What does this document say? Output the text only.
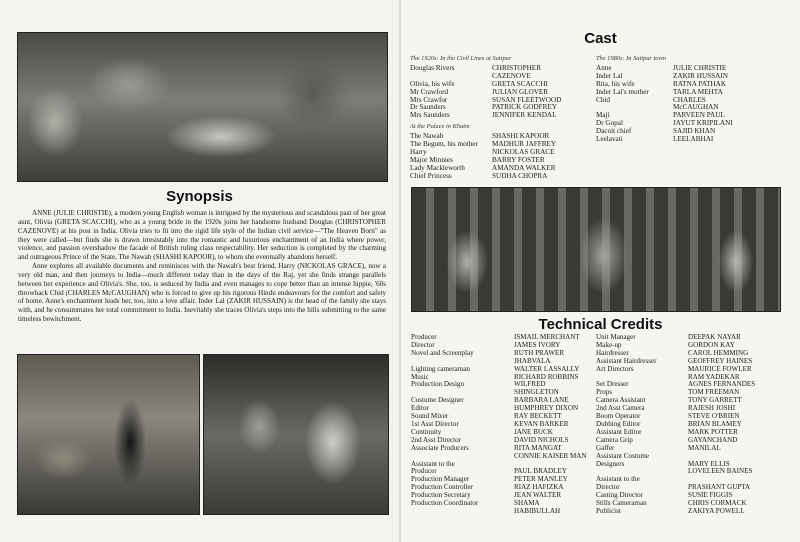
Synopsis

ANNE (JULIE CHRISTIE), a modern young English woman is intrigued by the mysterious and scandalous past of her great aunt, Olivia (GRETA SCACCHI), who as a young bride in the 1920s joins her handsome husband Douglas (CHRISTOPHER CAZENOVE) at his post in India. Olivia tries to fit into the rigid life style of the Indian civil service—"The Heaven Born" as they were called—but finds she is drawn irresistably into the romantic and luxurious enchantment of an India where power, violence, and passion overshadow the facade of British ruling class respectability. Her seduction is completed by the charming and outrageous Prince of the State, The Nawab (SHASHI KAPOOR), to whom she eventually abandons herself.

Anne explores all available documents and reminisces with the Nawab's best friend, Harry (NICKOLAS GRACE), now a very old man, and then journeys to India—much different today than in the days of the Raj, yet she finds strange parallels between her experience and Olivia's. She, too, is seduced by India and even manages to cope better than an intense hippie, '60s throwback Chid (CHARLES McCAUGHAN) who is forced to give up his rigorous Hindu endeavours for the comfort and safety of home. Anne's enchantment leads her, too, into a love affair. Inder Lal (ZAKIR HUSSAIN) is the head of the family she stays with, and he consummates her total commitment to India. Inevitably she traces Olivia's steps into the hills submitting to the same timeless bewitchment.

Cast
The 1920s: In the Civil Lines at Satipur
Douglas Rivers	CHRISTOPHER
CAZENOVE
Olivia, his wife	GRETA SCACCHI
Mr Crawford	JULIAN GLOVER
Mrs Crawfor	SUSAN FLEETWOOD
Dr Saunders	PATRICK GODFREY
Mrs Saunders	JENNIFER KENDAL
At the Palace in Khatm
The Nawab	SHASHI KAPOOR
The Begum, his mother	MADHUR JAFFREY
Harry	NICKOLAS GRACE
Major Minnies	BARRY FOSTER
Lady Mackleworth	AMANDA WALKER
Chief Princess	SUDHA CHOPRA
The 1980s: In Satipur town
Anne	JULIE CHRISTIE
Inder Lal	ZAKIR HUSSAIN
Rita, his wife	RATNA PATHAK
Inder Lal's mother	TARLA MEHTA
Chid	CHARLES
McCAUGHAN
Maji	PARVEEN PAUL
Dr Gopal	JAYUT KRIPILANI
Dacoit chief	SAJID KHAN
Leelavati	LEELABHAI
Technical Credits
Producer	ISMAIL MERCHANT
Director	JAMES IVORY
Novel and Screenplay	RUTH PRAWER
JHABVALA
Lighting cameraman	WALTER LASSALLY
Music	RICHARD ROBBINS
Production Design	WILFRED
SHINGLETON
Costume Designer	BARBARA LANE
Editor	HUMPHREY DIXON
Sound Mixer	RAY BECKETT
1st Asst Director	KEVAN BARKER
Continuity	JANE BUCK
2nd Asst Director	DAVID NICHOLS
Associate Producers	RITA MANGAT
CONNIE KAISER MAN
Assistant to the
Producer	PAUL BRADLEY
Production Manager	PETER MANLEY
Production Controller	RIAZ HAFIZKA
Production Secretary	JEAN WALTER
Production Coordinator	SHAMA
HABIBULLAH
Unit Manager	DEEPAK NAYAR
Make-up	GORDON KAY
Hairdresser	CAROL HEMMING
Assistant Hairdresser	GEOFFREY HAINES
Art Directors	MAURICE FOWLER
RAM YADEKAR
Set Dresser	AGNES FERNANDES
Props	TOM FREEMAN
Camera Assistant	TONY GARRETT
2nd Asst Camera	RAJESH JOSHI
Boom Operator	STEVE O'BRIEN
Dubbing Editor	BRIAN BLAMEY
Assistant Editor	MARK POTTER
Camera Grip	GAYANCHAND
Gaffer	MANILAL
Assistant Costume
Designers	MARY ELLIS
LOVELEEN BAINES
Assistant to the
Director	PRASHANT GUPTA
Casting Director	SUSIE FIGGIS
Stills Cameraman	CHRIS CORMACK
Publicist	ZAKIYA POWELL
